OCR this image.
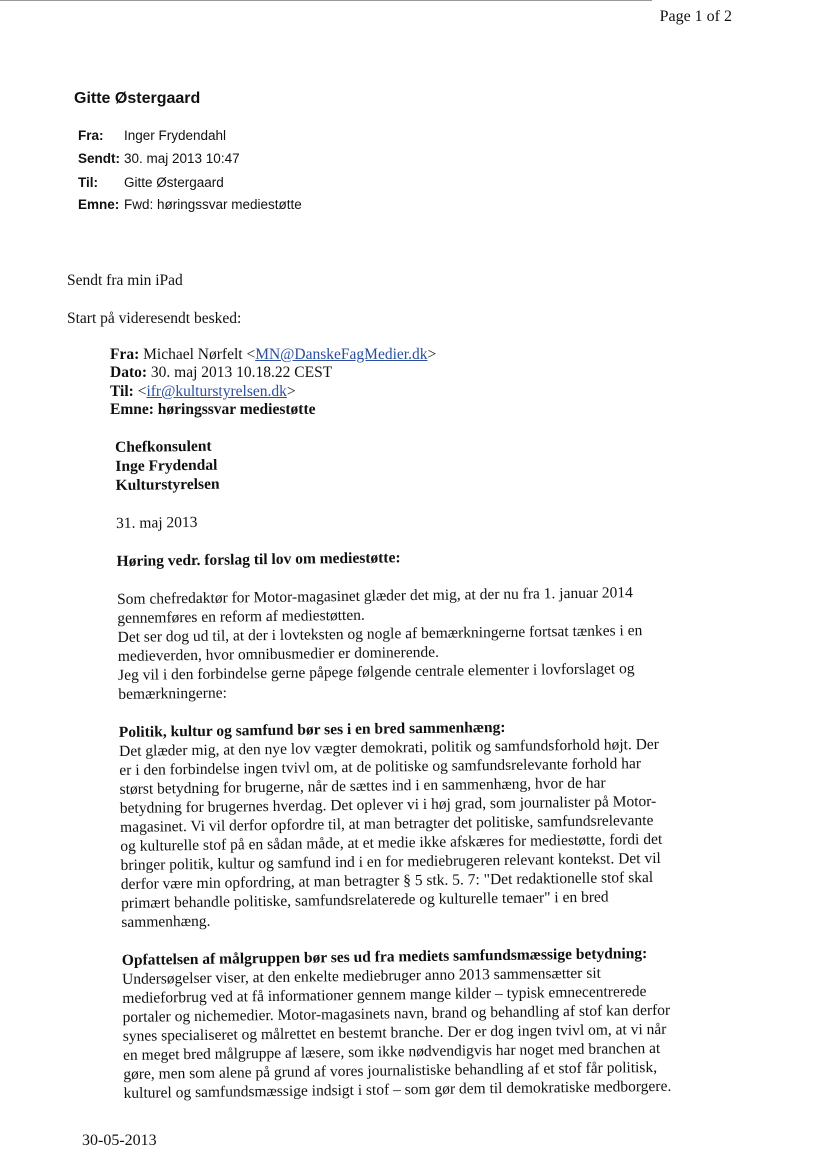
Page 1 of 2
Gitte Østergaard
Fra: Inger Frydendahl
Sendt: 30. maj 2013 10:47
Til: Gitte Østergaard
Emne: Fwd: høringssvar mediestøtte
Sendt fra min iPad
Start på videresendt besked:
Fra: Michael Nørfelt <MN@DanskeFagMedier.dk>
Dato: 30. maj 2013 10.18.22 CEST
Til: <ifr@kulturstyrelsen.dk>
Emne: høringssvar mediestøtte

Chefkonsulent

Inge Frydendal

Kulturstyrelsen

31. maj 2013

Høring vedr. forslag til lov om mediestøtte:

Som chefredaktør for Motor-magasinet glæder det mig, at der nu fra 1. januar 2014

gennemføres en reform af mediestøtten.

Det ser dog ud til, at der i lovteksten og nogle af bemærkningerne fortsat tænkes i en

medieverden, hvor omnibusmedier er dominerende.

Jeg vil i den forbindelse gerne påpege følgende centrale elementer i lovforslaget og

bemærkningerne:

Politik, kultur og samfund bør ses i en bred sammenhæng:

Det glæder mig, at den nye lov vægter demokrati, politik og samfundsforhold højt. Der

er i den forbindelse ingen tvivl om, at de politiske og samfundsrelevante forhold har

størst betydning for brugerne, når de sættes ind i en sammenhæng, hvor de har

betydning for brugernes hverdag. Det oplever vi i høj grad, som journalister på Motor-

magasinet. Vi vil derfor opfordre til, at man betragter det politiske, samfundsrelevante

og kulturelle stof på en sådan måde, at et medie ikke afskæres for mediestøtte, fordi det

bringer politik, kultur og samfund ind i en for mediebrugeren relevant kontekst. Det vil

derfor være min opfordring, at man betragter § 5 stk. 5. 7: "Det redaktionelle stof skal

primært behandle politiske, samfundsrelaterede og kulturelle temaer" i en bred

sammenhæng.

Opfattelsen af målgruppen bør ses ud fra mediets samfundsmæssige betydning:

Undersøgelser viser, at den enkelte mediebruger anno 2013 sammensætter sit

medieforbrug ved at få informationer gennem mange kilder – typisk emnecentrerede

portaler og nichemedier. Motor-magasinets navn, brand og behandling af stof kan derfor

synes specialiseret og målrettet en bestemt branche. Der er dog ingen tvivl om, at vi når

en meget bred målgruppe af læsere, som ikke nødvendigvis har noget med branchen at

gøre, men som alene på grund af vores journalistiske behandling af et stof får politisk,

kulturel og samfundsmæssige indsigt i stof – som gør dem til demokratiske medborgere.

30-05-2013
